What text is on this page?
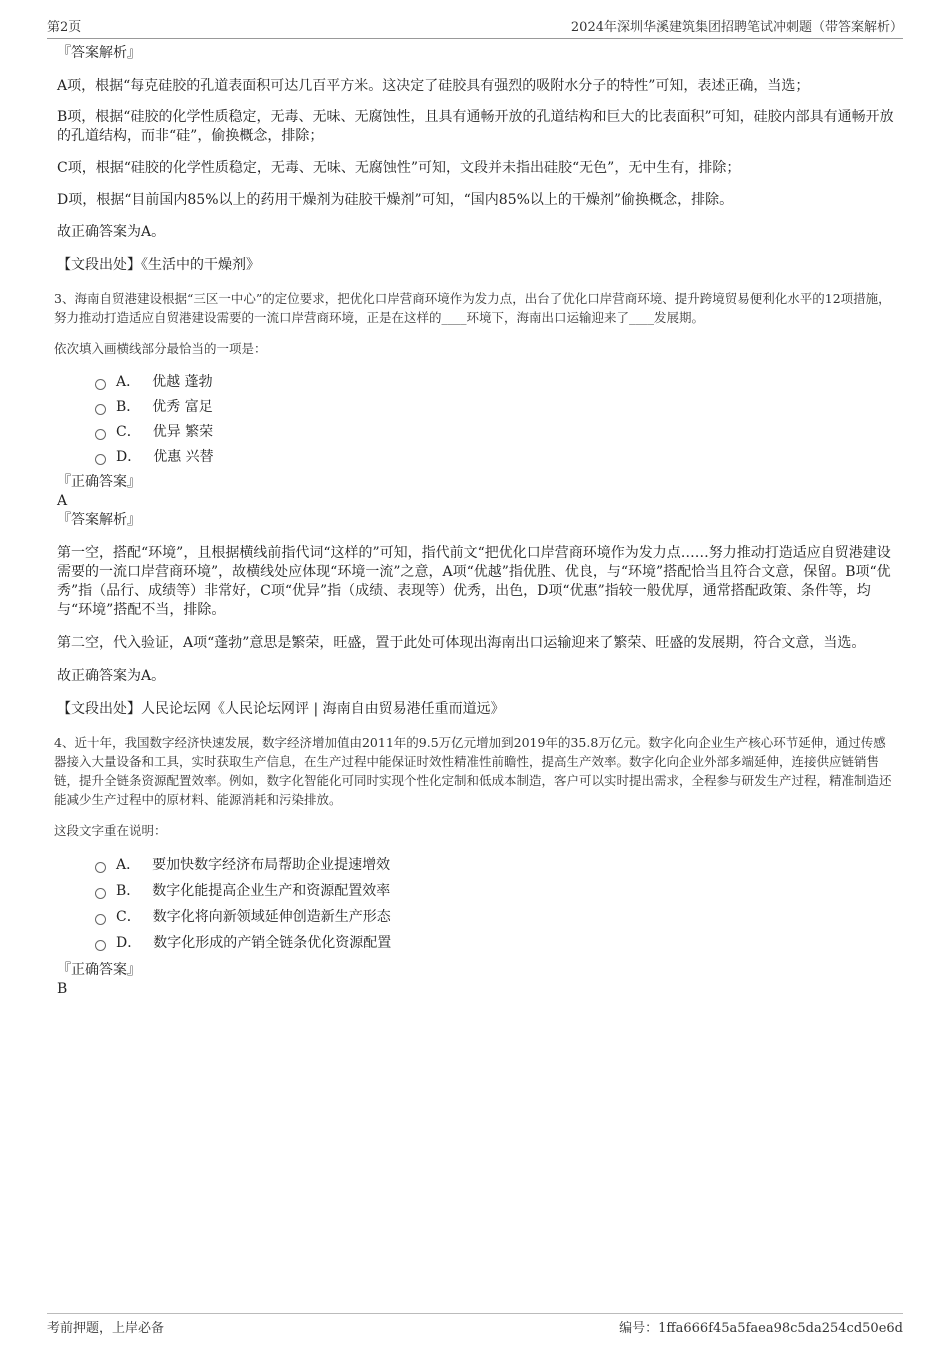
第2页	2024年深圳华溪建筑集团招聘笔试冲刺题（带答案解析）

『答案解析』

A项，根据“每克硅胶的孔道表面积可达几百平方米。这决定了硅胶具有强烈的吸附水分子的特性”可知，表述正确，当选；

B项，根据“硅胶的化学性质稳定，无毒、无味、无腐蚀性，且具有通畅开放的孔道结构和巨大的比表面积”可知，硅胶内部具有通畅开放的孔道结构，而非“硅”，偷换概念，排除；

C项，根据“硅胶的化学性质稳定，无毒、无味、无腐蚀性”可知，文段并未指出硅胶“无色”，无中生有，排除；

D项，根据“目前国内85%以上的药用干燥剂为硅胶干燥剂”可知，“国内85%以上的干燥剂”偷换概念，排除。

故正确答案为A。

【文段出处】《生活中的干燥剂》

3、海南自贸港建设根据“三区一中心”的定位要求，把优化口岸营商环境作为发力点，出台了优化口岸营商环境、提升跨境贸易便利化水平的12项措施，努力推动打造适应自贸港建设需要的一流口岸营商环境，正是在这样的____环境下，海南出口运输迎来了____发展期。

依次填入画横线部分最恰当的一项是：

A． 优越 蓬勃
B． 优秀 富足
C． 优异 繁荣
D． 优惠 兴替

『正确答案』

A

『答案解析』

第一空，搭配“环境”，且根据横线前指代词“这样的”可知，指代前文“把优化口岸营商环境作为发力点……努力推动打造适应自贸港建设需要的一流口岸营商环境”，故横线处应体现“环境一流”之意，A项“优越”指优胜、优良，与“环境”搭配恰当且符合文意，保留。B项“优秀”指（品行、成绩等）非常好，C项“优异”指（成绩、表现等）优秀，出色，D项“优惠”指较一般优厚，通常搭配政策、条件等，均与“环境”搭配不当，排除。

第二空，代入验证，A项“蓬勃”意思是繁荣，旺盛，置于此处可体现出海南出口运输迎来了繁荣、旺盛的发展期，符合文意，当选。

故正确答案为A。

【文段出处】人民论坛网《人民论坛网评 | 海南自由贸易港任重而道远》

4、近十年，我国数字经济快速发展，数字经济增加值由2011年的9.5万亿元增加到2019年的35.8万亿元。数字化向企业生产核心环节延伸，通过传感器接入大量设备和工具，实时获取生产信息，在生产过程中能保证时效性精准性前瞻性，提高生产效率。数字化向企业外部多端延伸，连接供应链销售链，提升全链条资源配置效率。例如，数字化智能化可同时实现个性化定制和低成本制造，客户可以实时提出需求，全程参与研发生产过程，精准制造还能减少生产过程中的原材料、能源消耗和污染排放。

这段文字重在说明：

A． 要加快数字经济布局帮助企业提速增效
B． 数字化能提高企业生产和资源配置效率
C． 数字化将向新领域延伸创造新生产形态
D． 数字化形成的产销全链条优化资源配置

『正确答案』

B

考前押题，上岸必备	编号：1ffa666f45a5faea98c5da254cd50e6d
